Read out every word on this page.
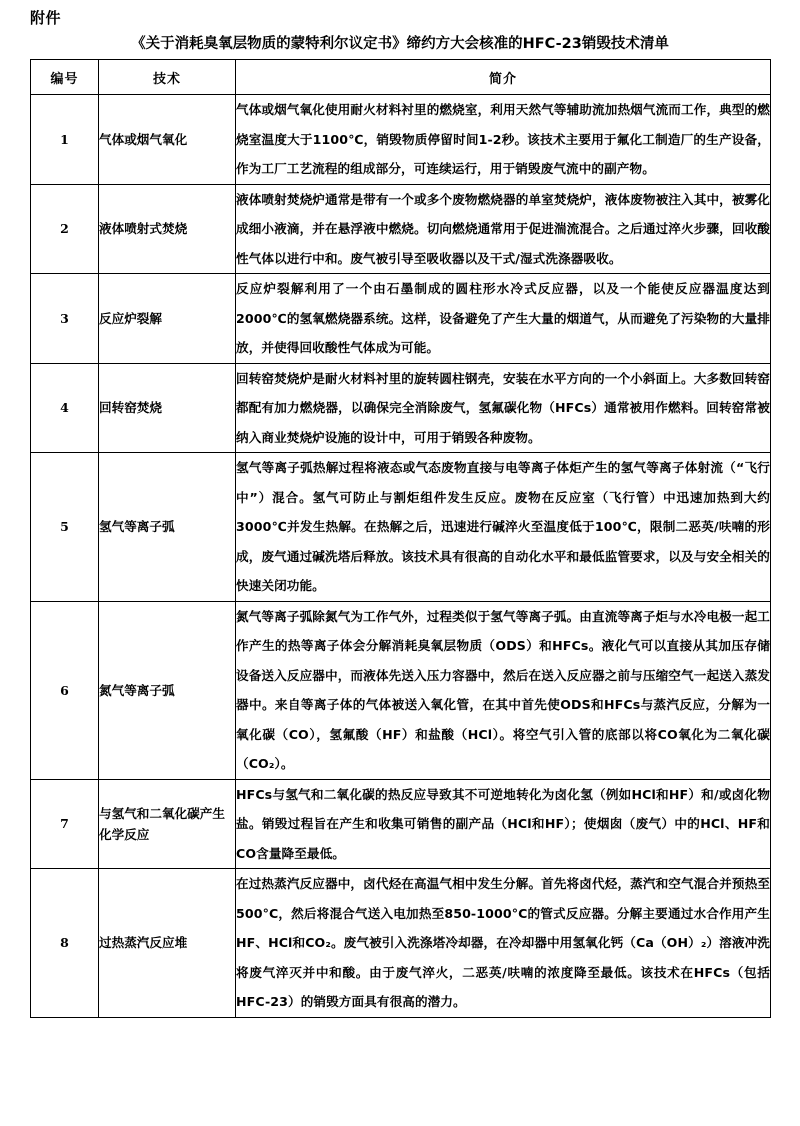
附件
《关于消耗臭氧层物质的蒙特利尔议定书》缔约方大会核准的HFC-23销毁技术清单
编号	技术	简介
1	气体或烟气氧化	气体或烟气氧化使用耐火材料衬里的燃烧室，利用天然气等辅助流加热烟气流而工作，典型的燃烧室温度大于1100℃，销毁物质停留时间1-2秒。该技术主要用于氟化工制造厂的生产设备，作为工厂工艺流程的组成部分，可连续运行，用于销毁废气流中的副产物。
2	液体喷射式焚烧	液体喷射焚烧炉通常是带有一个或多个废物燃烧器的单室焚烧炉，液体废物被注入其中，被雾化成细小液滴，并在悬浮液中燃烧。切向燃烧通常用于促进湍流混合。之后通过淬火步骤，回收酸性气体以进行中和。废气被引导至吸收器以及干式/湿式洗涤器吸收。
3	反应炉裂解	反应炉裂解利用了一个由石墨制成的圆柱形水冷式反应器，以及一个能使反应器温度达到2000℃的氢氧燃烧器系统。这样，设备避免了产生大量的烟道气，从而避免了污染物的大量排放，并使得回收酸性气体成为可能。
4	回转窑焚烧	回转窑焚烧炉是耐火材料衬里的旋转圆柱钢壳，安装在水平方向的一个小斜面上。大多数回转窑都配有加力燃烧器，以确保完全消除废气，氢氟碳化物（HFCs）通常被用作燃料。回转窑常被纳入商业焚烧炉设施的设计中，可用于销毁各种废物。
5	氢气等离子弧	氢气等离子弧热解过程将液态或气态废物直接与电等离子体炬产生的氢气等离子体射流（“飞行中”）混合。氢气可防止与割炬组件发生反应。废物在反应室（飞行管）中迅速加热到大约3000℃并发生热解。在热解之后，迅速进行碱淬火至温度低于100℃，限制二恶英/呋喃的形成，废气通过碱洗塔后释放。该技术具有很高的自动化水平和最低监管要求，以及与安全相关的快速关闭功能。
6	氮气等离子弧	氮气等离子弧除氮气为工作气外，过程类似于氢气等离子弧。由直流等离子炬与水冷电极一起工作产生的热等离子体会分解消耗臭氧层物质（ODS）和HFCs。液化气可以直接从其加压存储设备送入反应器中，而液体先送入压力容器中，然后在送入反应器之前与压缩空气一起送入蒸发器中。来自等离子体的气体被送入氧化管，在其中首先使ODS和HFCs与蒸汽反应，分解为一氧化碳（CO），氢氟酸（HF）和盐酸（HCl）。将空气引入管的底部以将CO氧化为二氧化碳（CO₂）。
7	与氢气和二氧化碳产生化学反应	HFCs与氢气和二氧化碳的热反应导致其不可逆地转化为卤化氢（例如HCl和HF）和/或卤化物盐。销毁过程旨在产生和收集可销售的副产品（HCl和HF）；使烟囱（废气）中的HCl、HF和CO含量降至最低。
8	过热蒸汽反应堆	在过热蒸汽反应器中，卤代烃在高温气相中发生分解。首先将卤代烃，蒸汽和空气混合并预热至500°C，然后将混合气送入电加热至850-1000°C的管式反应器。分解主要通过水合作用产生HF、HCl和CO₂。废气被引入洗涤塔冷却器，在冷却器中用氢氧化钙（Ca（OH）₂）溶液冲洗将废气淬灭并中和酸。由于废气淬火，二恶英/呋喃的浓度降至最低。该技术在HFCs（包括HFC-23）的销毁方面具有很高的潜力。
